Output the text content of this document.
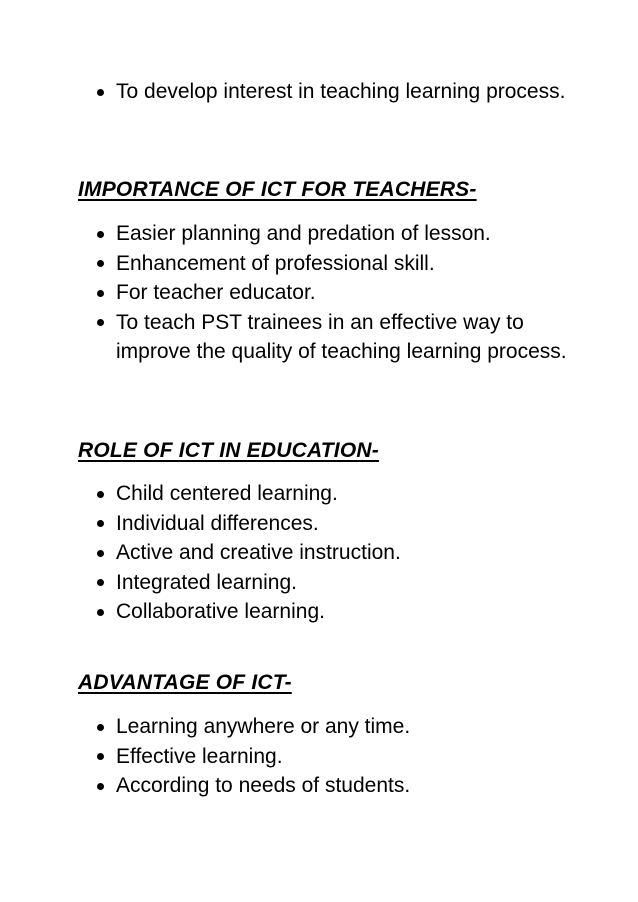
To develop interest in teaching learning process.
IMPORTANCE OF ICT FOR TEACHERS-
Easier planning and predation of lesson.
Enhancement of professional skill.
For teacher educator.
To teach PST trainees in an effective way to improve the quality of teaching learning process.
ROLE OF ICT IN EDUCATION-
Child centered learning.
Individual differences.
Active and creative instruction.
Integrated learning.
Collaborative learning.
ADVANTAGE OF ICT-
Learning anywhere or any time.
Effective learning.
According to needs of students.
